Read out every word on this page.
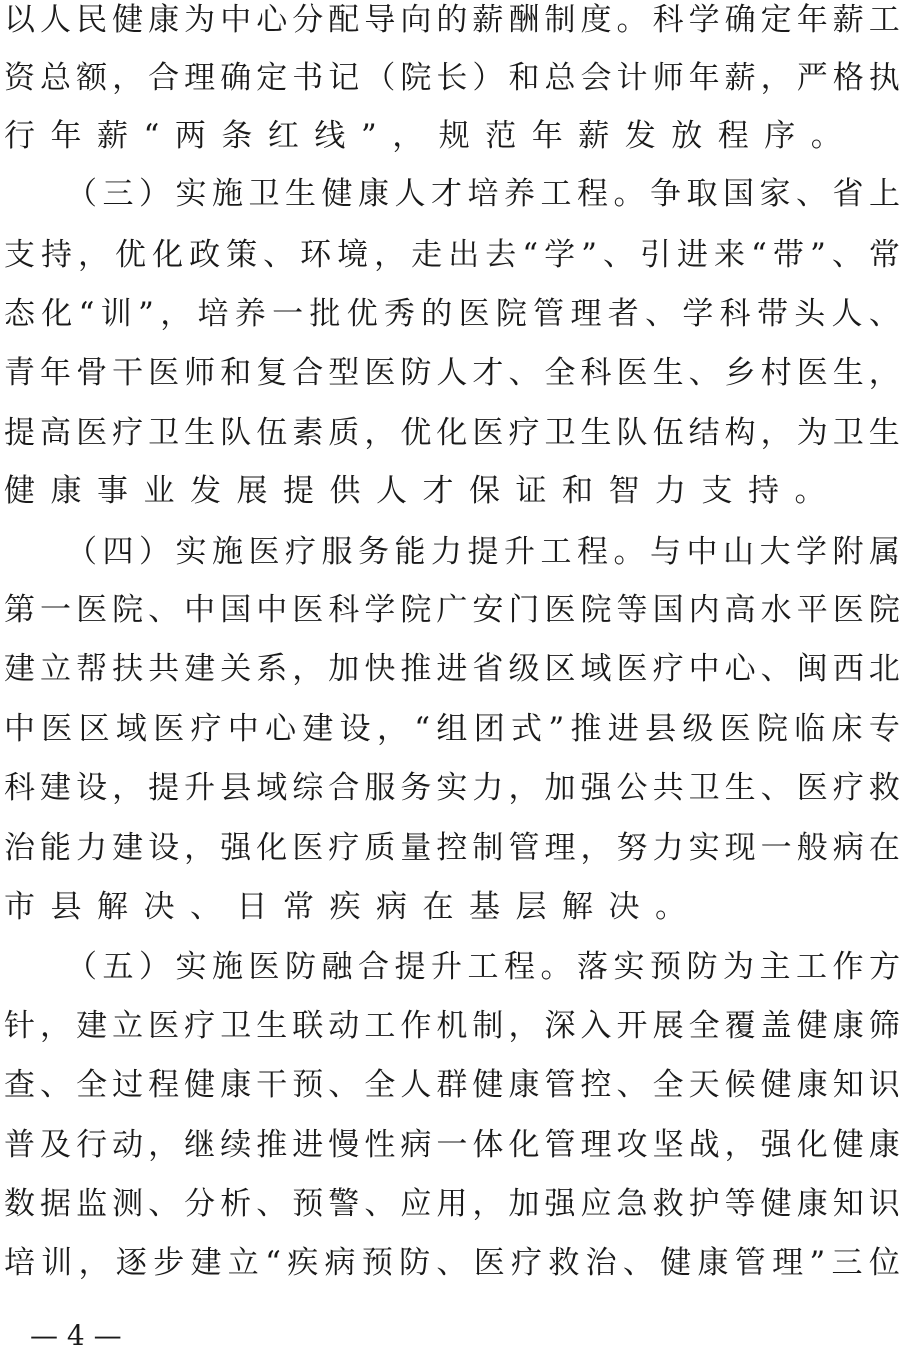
以 人 民 健 康 为 中 心 分 配 导 向 的 薪 酬 制 度 。 科 学 确 定 年 薪 工
资 总 额 ， 合 理 确 定 书 记 （ 院 长 ） 和 总 会 计 师 年 薪 ， 严 格 执
行 年 薪 “ 两 条 红 线 ” ， 规 范 年 薪 发 放 程 序 。
（ 三 ） 实 施 卫 生 健 康 人 才 培 养 工 程 。 争 取 国 家 、 省 上
支 持 ， 优 化 政 策 、 环 境 ， 走 出 去 “ 学 ” 、 引 进 来 “ 带 ” 、 常
态 化 “ 训 ” ， 培 养 一 批 优 秀 的 医 院 管 理 者 、 学 科 带 头 人 、
青 年 骨 干 医 师 和 复 合 型 医 防 人 才 、 全 科 医 生 、 乡 村 医 生 ，
提 高 医 疗 卫 生 队 伍 素 质 ， 优 化 医 疗 卫 生 队 伍 结 构 ， 为 卫 生
健 康 事 业 发 展 提 供 人 才 保 证 和 智 力 支 持 。
（ 四 ） 实 施 医 疗 服 务 能 力 提 升 工 程 。 与 中 山 大 学 附 属
第 一 医 院 、 中 国 中 医 科 学 院 广 安 门 医 院 等 国 内 高 水 平 医 院
建 立 帮 扶 共 建 关 系 ， 加 快 推 进 省 级 区 域 医 疗 中 心 、 闽 西 北
中 医 区 域 医 疗 中 心 建 设 ， “ 组 团 式 ” 推 进 县 级 医 院 临 床 专
科 建 设 ， 提 升 县 域 综 合 服 务 实 力 ， 加 强 公 共 卫 生 、 医 疗 救
治 能 力 建 设 ， 强 化 医 疗 质 量 控 制 管 理 ， 努 力 实 现 一 般 病 在
市 县 解 决 、 日 常 疾 病 在 基 层 解 决 。
（ 五 ） 实 施 医 防 融 合 提 升 工 程 。 落 实 预 防 为 主 工 作 方
针 ， 建 立 医 疗 卫 生 联 动 工 作 机 制 ， 深 入 开 展 全 覆 盖 健 康 筛
查 、 全 过 程 健 康 干 预 、 全 人 群 健 康 管 控 、 全 天 候 健 康 知 识
普 及 行 动 ， 继 续 推 进 慢 性 病 一 体 化 管 理 攻 坚 战 ， 强 化 健 康
数 据 监 测 、 分 析 、 预 警 、 应 用 ， 加 强 应 急 救 护 等 健 康 知 识
培 训 ， 逐 步 建 立 “ 疾 病 预 防 、 医 疗 救 治 、 健 康 管 理 ” 三 位
— 4 —
